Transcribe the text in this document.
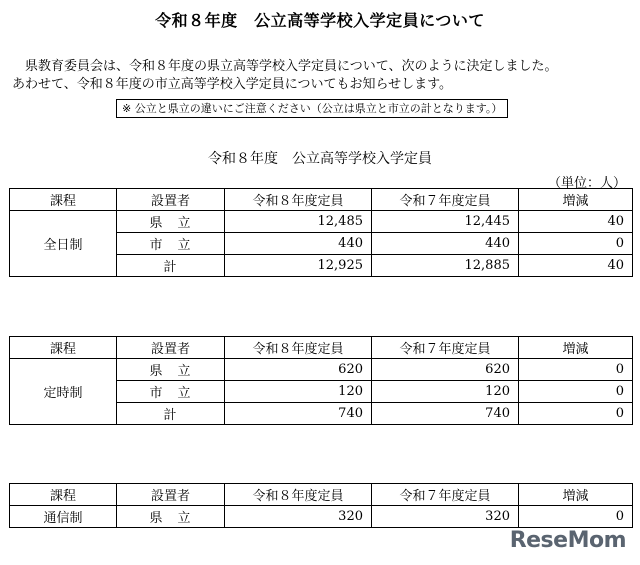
令和８年度　公立高等学校入学定員について
県教育委員会は、令和８年度の県立高等学校入学定員について、次のように決定しました。
あわせて、令和８年度の市立高等学校入学定員についてもお知らせします。
※ 公立と県立の違いにご注意ください（公立は県立と市立の計となります。）
令和８年度　公立高等学校入学定員
（単位：人）
課程	設置者	令和８年度定員	令和７年度定員	増減
全日制	県　立	12,485	12,445	40
	市　立	440	440	0
	計	12,925	12,885	40
課程	設置者	令和８年度定員	令和７年度定員	増減
定時制	県　立	620	620	0
	市　立	120	120	0
	計	740	740	0
課程	設置者	令和８年度定員	令和７年度定員	増減
通信制	県　立	320	320	0
ReseMom
